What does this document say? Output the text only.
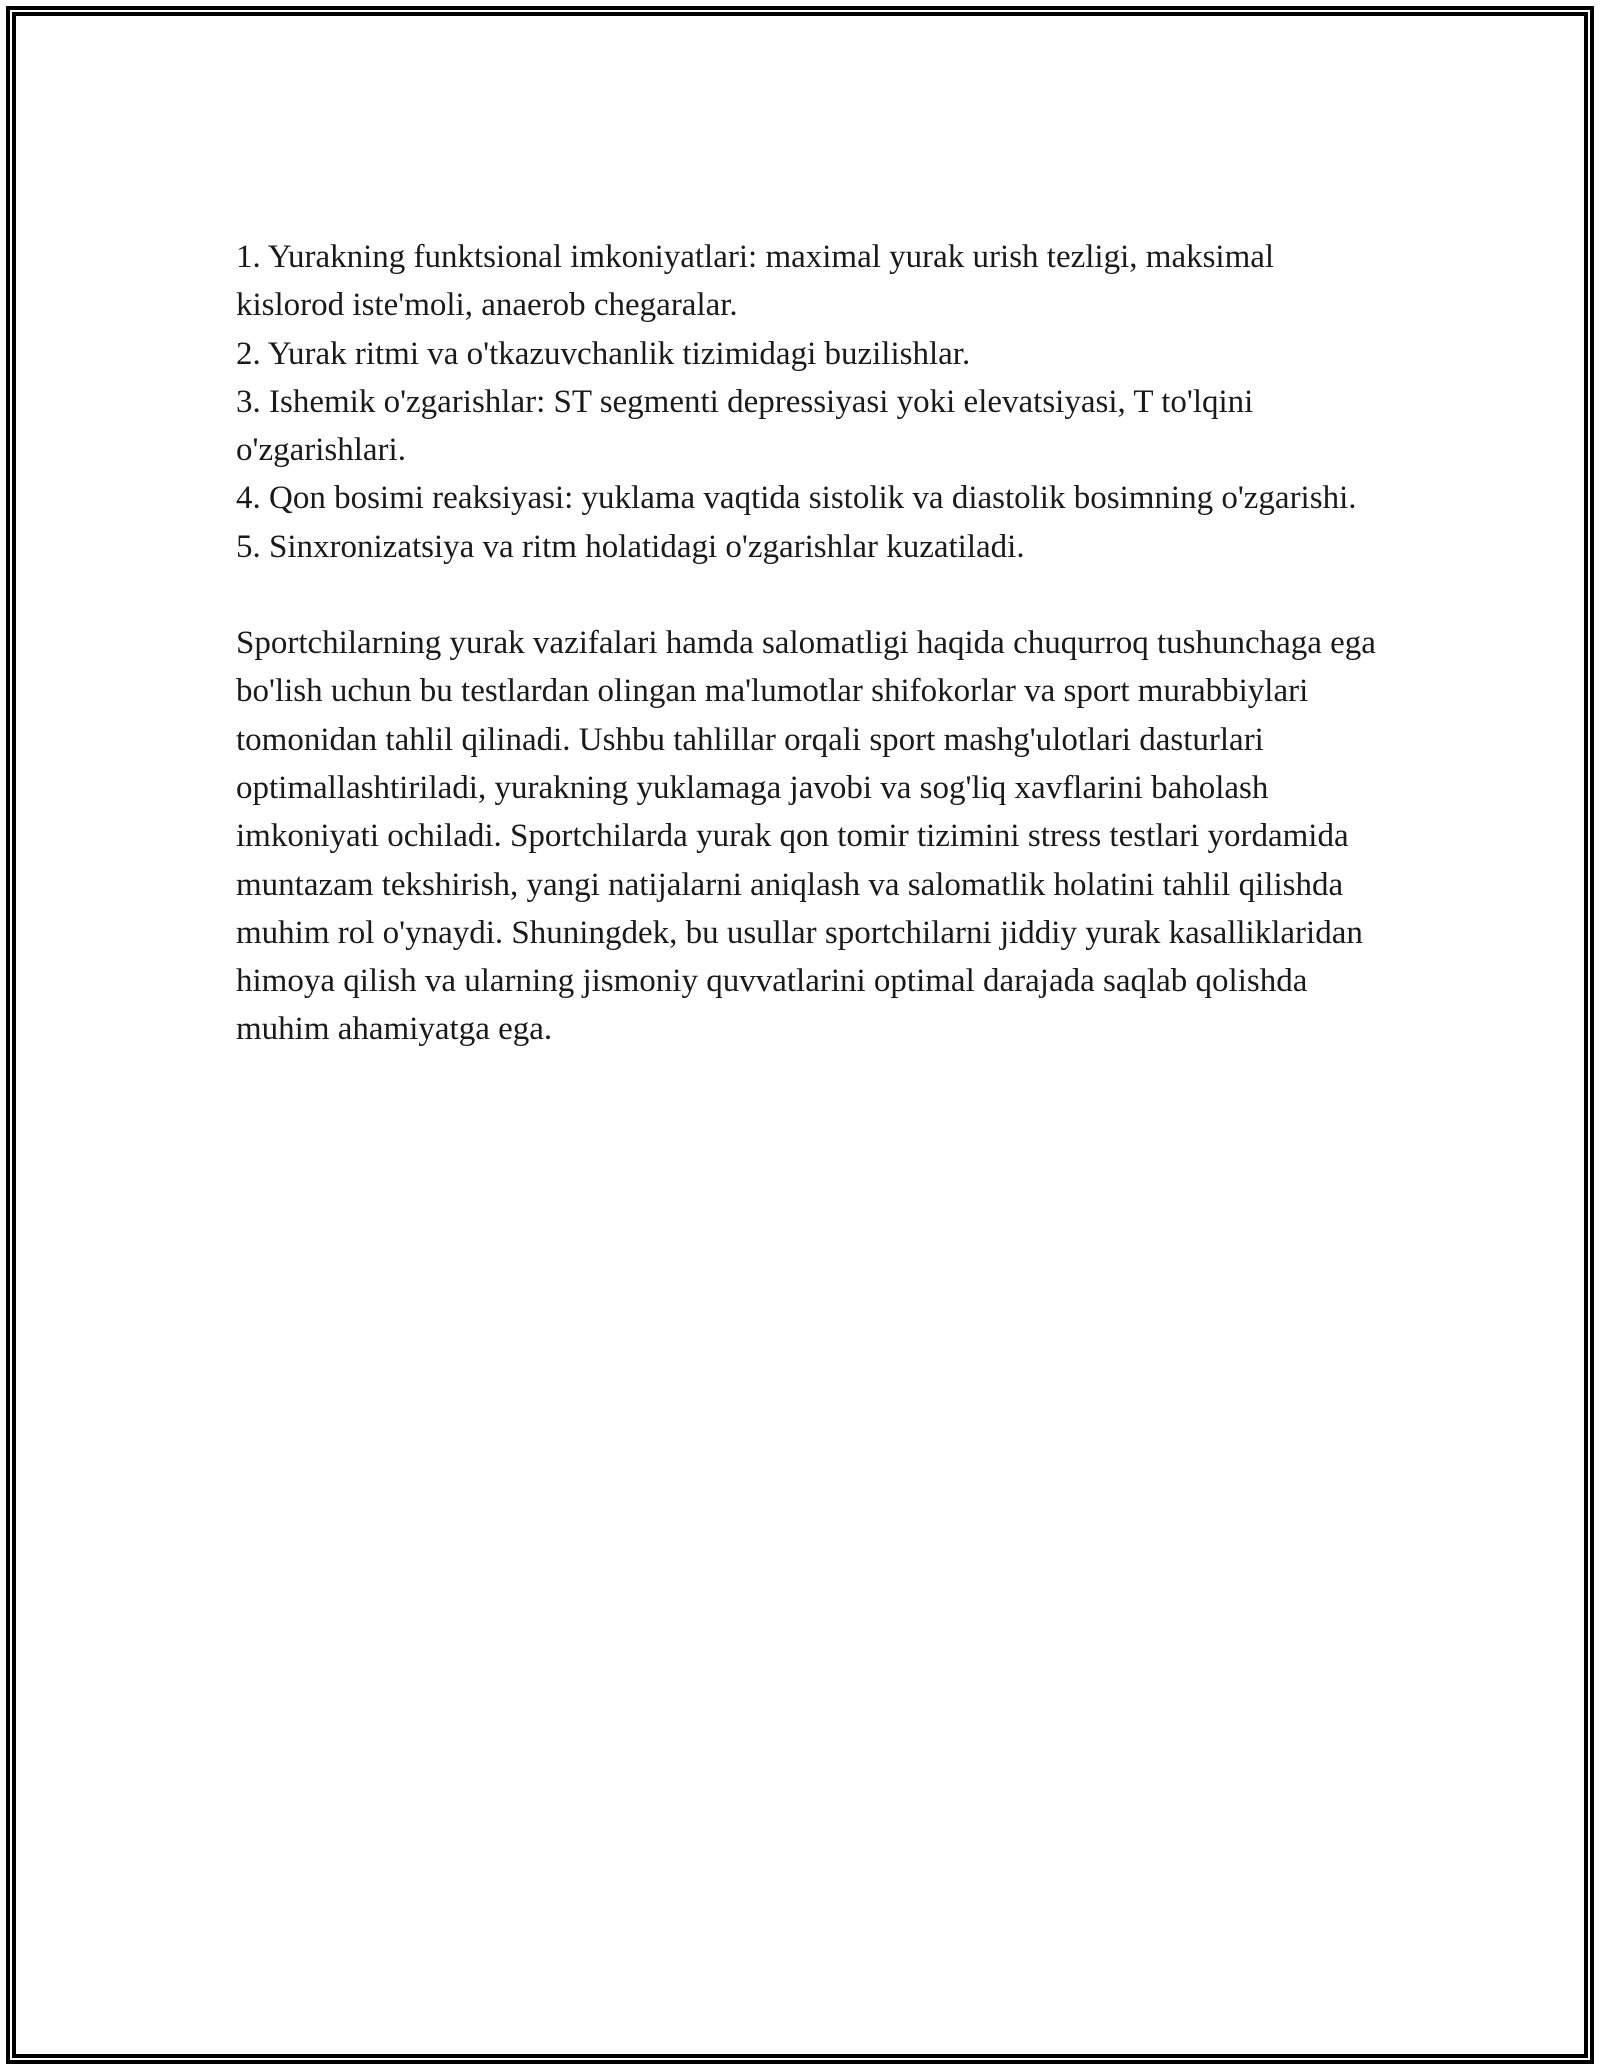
1. Yurakning funktsional imkoniyatlari: maximal yurak urish tezligi, maksimal kislorod iste'moli, anaerob chegaralar.

2. Yurak ritmi va o'tkazuvchanlik tizimidagi buzilishlar.

3. Ishemik o'zgarishlar: ST segmenti depressiyasi yoki elevatsiyasi, T to'lqini o'zgarishlari.

4. Qon bosimi reaksiyasi: yuklama vaqtida sistolik va diastolik bosimning o'zgarishi.

5. Sinxronizatsiya va ritm holatidagi o'zgarishlar kuzatiladi.

Sportchilarning yurak vazifalari hamda salomatligi haqida chuqurroq tushunchaga ega bo'lish uchun bu testlardan olingan ma'lumotlar shifokorlar va sport murabbiylari tomonidan tahlil qilinadi. Ushbu tahlillar orqali sport mashg'ulotlari dasturlari optimallashtiriladi, yurakning yuklamaga javobi va sog'liq xavflarini baholash imkoniyati ochiladi. Sportchilarda yurak qon tomir tizimini stress testlari yordamida muntazam tekshirish, yangi natijalarni aniqlash va salomatlik holatini tahlil qilishda muhim rol o'ynaydi. Shuningdek, bu usullar sportchilarni jiddiy yurak kasalliklaridan himoya qilish va ularning jismoniy quvvatlarini optimal darajada saqlab qolishda muhim ahamiyatga ega.
